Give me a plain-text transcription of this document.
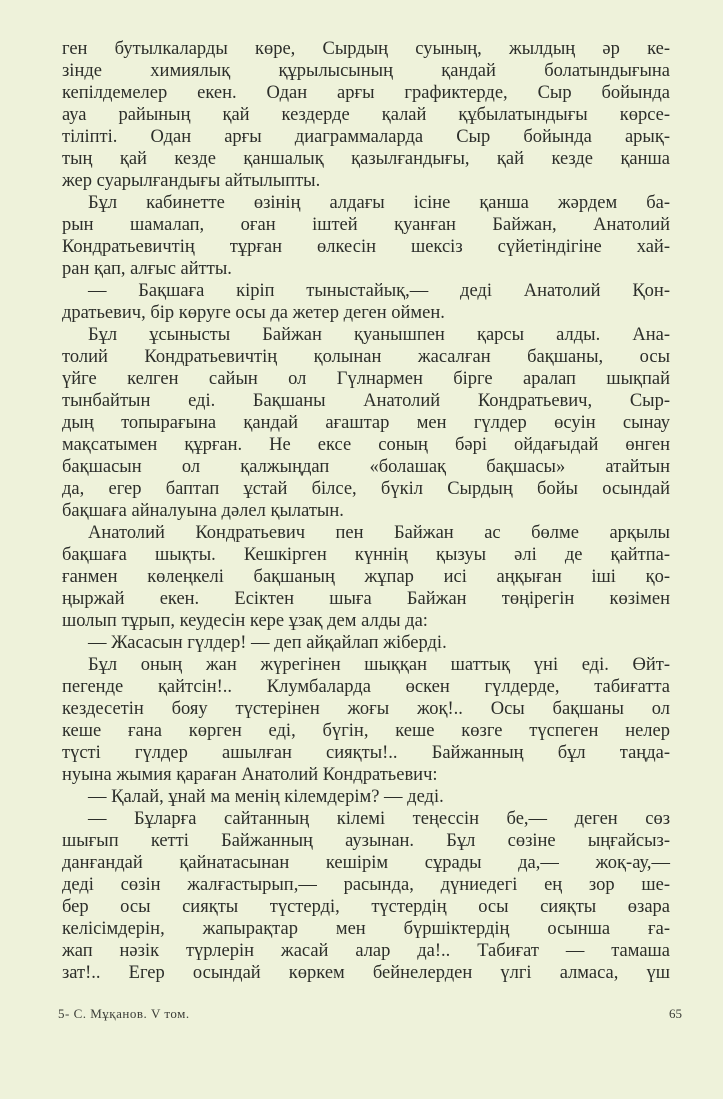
ген бутылкаларды көре, Сырдың суының, жылдың әр ке-
зінде химиялық құрылысының қандай болатындығына
кепілдемелер екен. Одан арғы графиктерде, Сыр бойында
ауа райының қай кездерде қалай құбылатындығы көрсе-
тіліпті. Одан арғы диаграммаларда Сыр бойында арық-
тың қай кезде қаншалық қазылғандығы, қай кезде қанша
жер суарылғандығы айтылыпты.
Бұл кабинетте өзінің алдағы ісіне қанша жәрдем ба-
рын шамалап, оған іштей қуанған Байжан, Анатолий
Кондратьевичтің тұрған өлкесін шексіз сүйетіндігіне хай-
ран қап, алғыс айтты.
— Бақшаға кіріп тыныстайық,— деді Анатолий Қон-
дратьевич, бір көруге осы да жетер деген оймен.
Бұл ұсынысты Байжан қуанышпен қарсы алды. Ана-
толий Кондратьевичтің қолынан жасалған бақшаны, осы
үйге келген сайын ол Гүлнармен бірге аралап шықпай
тынбайтын еді. Бақшаны Анатолий Кондратьевич, Сыр-
дың топырағына қандай ағаштар мен гүлдер өсуін сынау
мақсатымен құрған. Не ексе соның бәрі ойдағыдай өнген
бақшасын ол қалжыңдап «болашақ бақшасы» атайтын
да, егер баптап ұстай білсе, бүкіл Сырдың бойы осындай
бақшаға айналуына дәлел қылатын.
Анатолий Кондратьевич пен Байжан ас бөлме арқылы
бақшаға шықты. Кешкірген күннің қызуы әлі де қайтпа-
ғанмен көлеңкелі бақшаның жұпар исі аңқыған іші қо-
ңыржай екен. Есіктен шыға Байжан төңірегін көзімен
шолып тұрып, кеудесін кере ұзақ дем алды да:
— Жасасын гүлдер! — деп айқайлап жіберді.
Бұл оның жан жүрегінен шыққан шаттық үні еді. Өйт-
пегенде қайтсін!.. Клумбаларда өскен гүлдерде, табиғатта
кездесетін бояу түстерінен жоғы жоқ!.. Осы бақшаны ол
кеше ғана көрген еді, бүгін, кеше көзге түспеген нелер
түсті гүлдер ашылған сияқты!.. Байжанның бұл таңда-
нуына жымия қараған Анатолий Кондратьевич:
— Қалай, ұнай ма менің кілемдерім? — деді.
— Бұларға сайтанның кілемі теңессін бе,— деген сөз
шығып кетті Байжанның аузынан. Бұл сөзіне ыңғайсыз-
данғандай қайнатасынан кешірім сұрады да,— жоқ-ау,—
деді сөзін жалғастырып,— расында, дүниедегі ең зор ше-
бер осы сияқты түстерді, түстердің осы сияқты өзара
келісімдерін, жапырақтар мен бүршіктердің осынша ға-
жап нәзік түрлерін жасай алар да!.. Табиғат — тамаша
зат!.. Егер осындай көркем бейнелерден үлгі алмаса, үш
5- С. Мұқанов. V том.	65
